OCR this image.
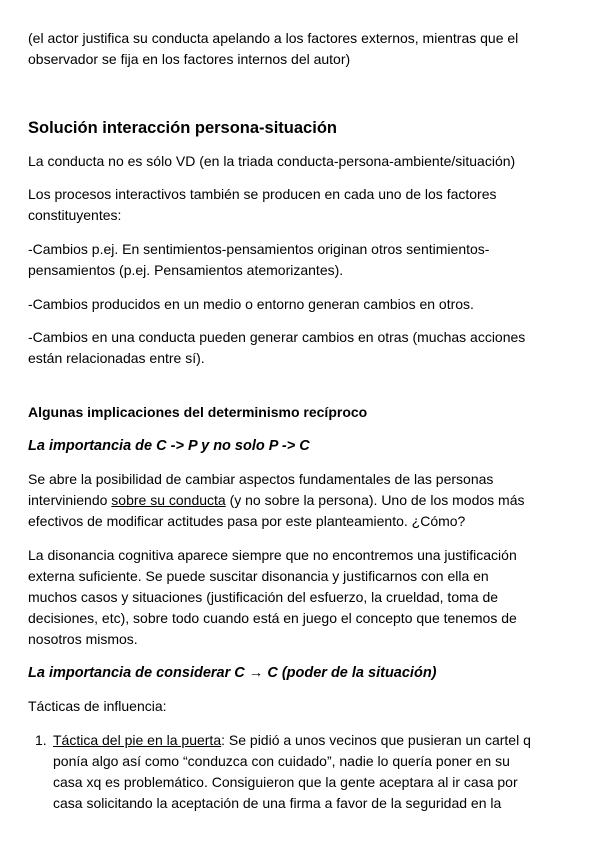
(el actor justifica su conducta apelando a los factores externos, mientras que el
observador se fija en los factores internos del autor)
Solución interacción persona-situación
La conducta no es sólo VD (en la triada conducta-persona-ambiente/situación)
Los procesos interactivos también se producen en cada uno de los factores
constituyentes:
-Cambios p.ej. En sentimientos-pensamientos originan otros sentimientos-
pensamientos (p.ej. Pensamientos atemorizantes).
-Cambios producidos en un medio o entorno generan cambios en otros.
-Cambios en una conducta pueden generar cambios en otras (muchas acciones
están relacionadas entre sí).
Algunas implicaciones del determinismo recíproco
La importancia de C -> P y no solo P -> C
Se abre la posibilidad de cambiar aspectos fundamentales de las personas
interviniendo sobre su conducta (y no sobre la persona). Uno de los modos más
efectivos de modificar actitudes pasa por este planteamiento. ¿Cómo?
La disonancia cognitiva aparece siempre que no encontremos una justificación
externa suficiente. Se puede suscitar disonancia y justificarnos con ella en
muchos casos y situaciones (justificación del esfuerzo, la crueldad, toma de
decisiones, etc), sobre todo cuando está en juego el concepto que tenemos de
nosotros mismos.
La importancia de considerar C → C (poder de la situación)
Tácticas de influencia:
1. Táctica del pie en la puerta: Se pidió a unos vecinos que pusieran un cartel q
ponía algo así como “conduzca con cuidado”, nadie lo quería poner en su
casa xq es problemático. Consiguieron que la gente aceptara al ir casa por
casa solicitando la aceptación de una firma a favor de la seguridad en la
